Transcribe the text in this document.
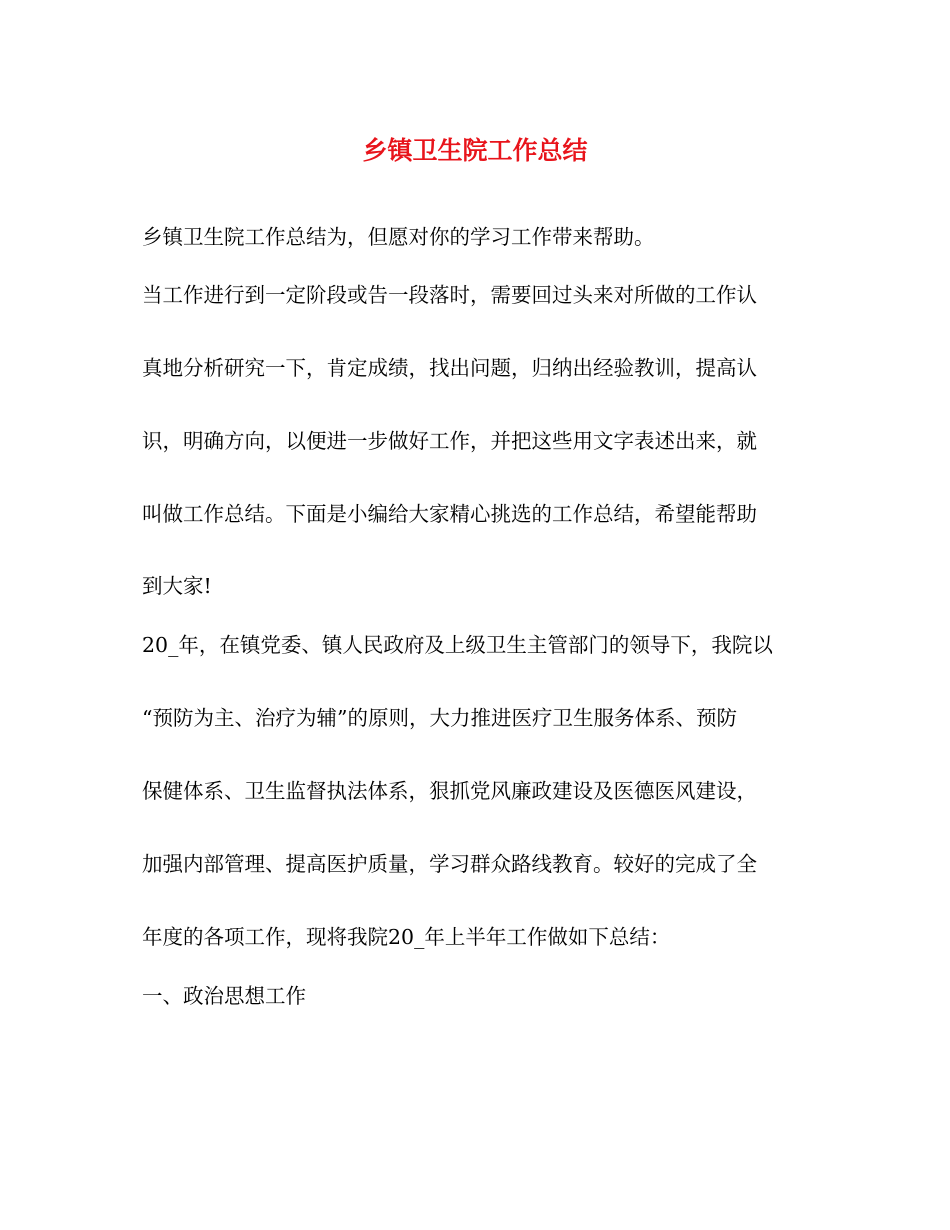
乡镇卫生院工作总结
乡镇卫生院工作总结为，但愿对你的学习工作带来帮助。
当工作进行到一定阶段或告一段落时，需要回过头来对所做的工作认
真地分析研究一下，肯定成绩，找出问题，归纳出经验教训，提高认
识，明确方向，以便进一步做好工作，并把这些用文字表述出来，就
叫做工作总结。下面是小编给大家精心挑选的工作总结，希望能帮助
到大家!
20_年，在镇党委、镇人民政府及上级卫生主管部门的领导下，我院以
“预防为主、治疗为辅”的原则，大力推进医疗卫生服务体系、预防
保健体系、卫生监督执法体系，狠抓党风廉政建设及医德医风建设，
加强内部管理、提高医护质量，学习群众路线教育。较好的完成了全
年度的各项工作，现将我院20_年上半年工作做如下总结：
一、政治思想工作
